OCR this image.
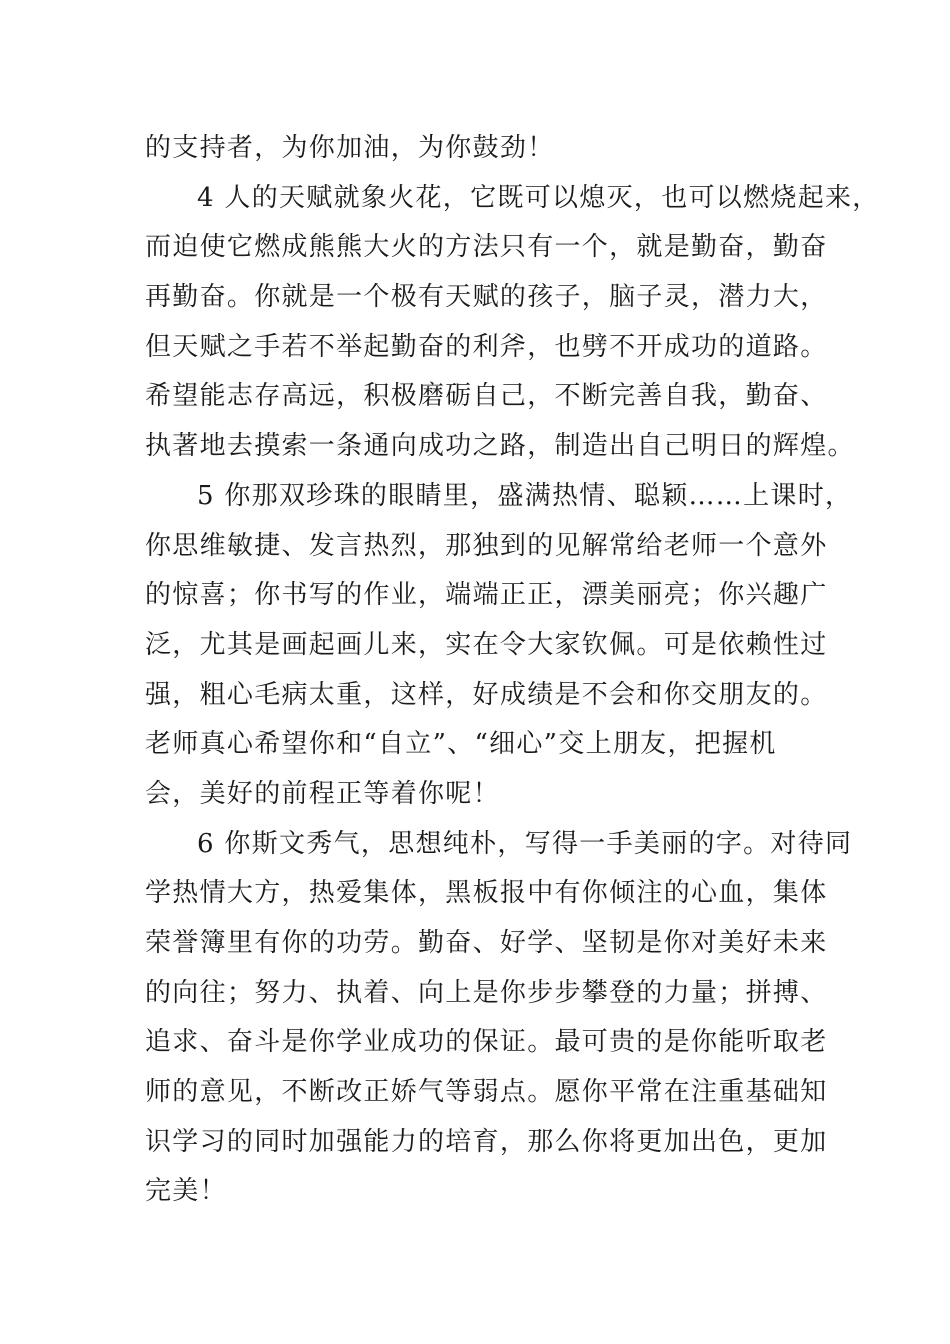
的支持者，为你加油，为你鼓劲！
4 人的天赋就象火花，它既可以熄灭，也可以燃烧起来，
而迫使它燃成熊熊大火的方法只有一个，就是勤奋，勤奋
再勤奋。你就是一个极有天赋的孩子，脑子灵，潜力大，
但天赋之手若不举起勤奋的利斧，也劈不开成功的道路。
希望能志存高远，积极磨砺自己，不断完善自我，勤奋、
执著地去摸索一条通向成功之路，制造出自己明日的辉煌。
5 你那双珍珠的眼睛里，盛满热情、聪颖……上课时，
你思维敏捷、发言热烈，那独到的见解常给老师一个意外
的惊喜；你书写的作业，端端正正，漂美丽亮；你兴趣广
泛，尤其是画起画儿来，实在令大家钦佩。可是依赖性过
强，粗心毛病太重，这样，好成绩是不会和你交朋友的。
老师真心希望你和“自立”、“细心”交上朋友，把握机
会，美好的前程正等着你呢！
6 你斯文秀气，思想纯朴，写得一手美丽的字。对待同
学热情大方，热爱集体，黑板报中有你倾注的心血，集体
荣誉簿里有你的功劳。勤奋、好学、坚韧是你对美好未来
的向往；努力、执着、向上是你步步攀登的力量；拼搏、
追求、奋斗是你学业成功的保证。最可贵的是你能听取老
师的意见，不断改正娇气等弱点。愿你平常在注重基础知
识学习的同时加强能力的培育，那么你将更加出色，更加
完美！
